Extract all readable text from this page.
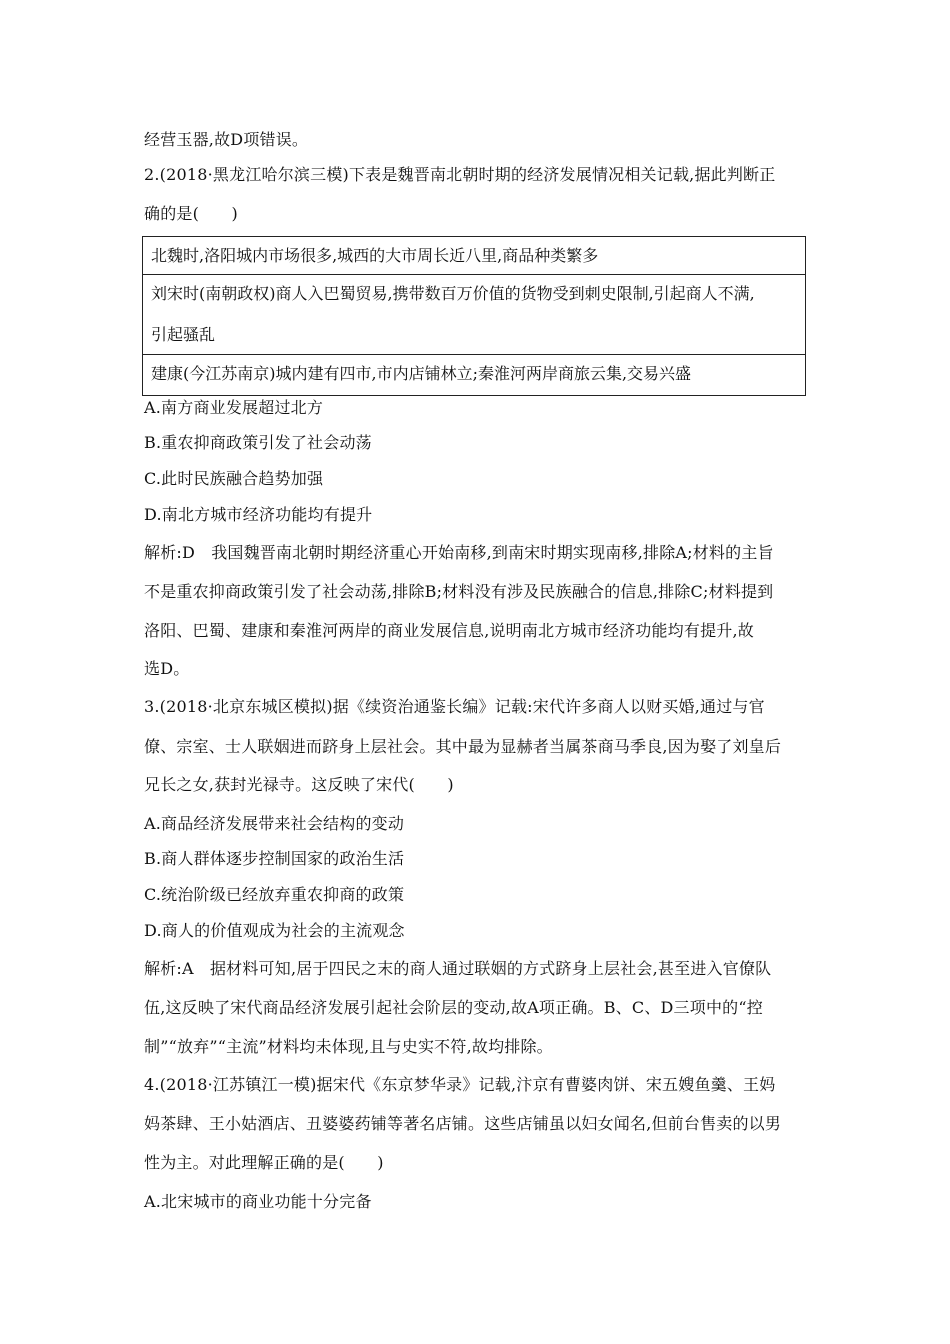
经营玉器,故D项错误。
2.(2018·黑龙江哈尔滨三模)下表是魏晋南北朝时期的经济发展情况相关记载,据此判断正
确的是(　　)
北魏时,洛阳城内市场很多,城西的大市周长近八里,商品种类繁多
刘宋时(南朝政权)商人入巴蜀贸易,携带数百万价值的货物受到刺史限制,引起商人不满,
引起骚乱
建康(今江苏南京)城内建有四市,市内店铺林立;秦淮河两岸商旅云集,交易兴盛
A.南方商业发展超过北方
B.重农抑商政策引发了社会动荡
C.此时民族融合趋势加强
D.南北方城市经济功能均有提升
解析:D　我国魏晋南北朝时期经济重心开始南移,到南宋时期实现南移,排除A;材料的主旨
不是重农抑商政策引发了社会动荡,排除B;材料没有涉及民族融合的信息,排除C;材料提到
洛阳、巴蜀、建康和秦淮河两岸的商业发展信息,说明南北方城市经济功能均有提升,故
选D。
3.(2018·北京东城区模拟)据《续资治通鉴长编》记载:宋代许多商人以财买婚,通过与官
僚、宗室、士人联姻进而跻身上层社会。其中最为显赫者当属茶商马季良,因为娶了刘皇后
兄长之女,获封光禄寺。这反映了宋代(　　)
A.商品经济发展带来社会结构的变动
B.商人群体逐步控制国家的政治生活
C.统治阶级已经放弃重农抑商的政策
D.商人的价值观成为社会的主流观念
解析:A　据材料可知,居于四民之末的商人通过联姻的方式跻身上层社会,甚至进入官僚队
伍,这反映了宋代商品经济发展引起社会阶层的变动,故A项正确。B、C、D三项中的“控
制”“放弃”“主流”材料均未体现,且与史实不符,故均排除。
4.(2018·江苏镇江一模)据宋代《东京梦华录》记载,汴京有曹婆肉饼、宋五嫂鱼羹、王妈
妈茶肆、王小姑酒店、丑婆婆药铺等著名店铺。这些店铺虽以妇女闻名,但前台售卖的以男
性为主。对此理解正确的是(　　)
A.北宋城市的商业功能十分完备
